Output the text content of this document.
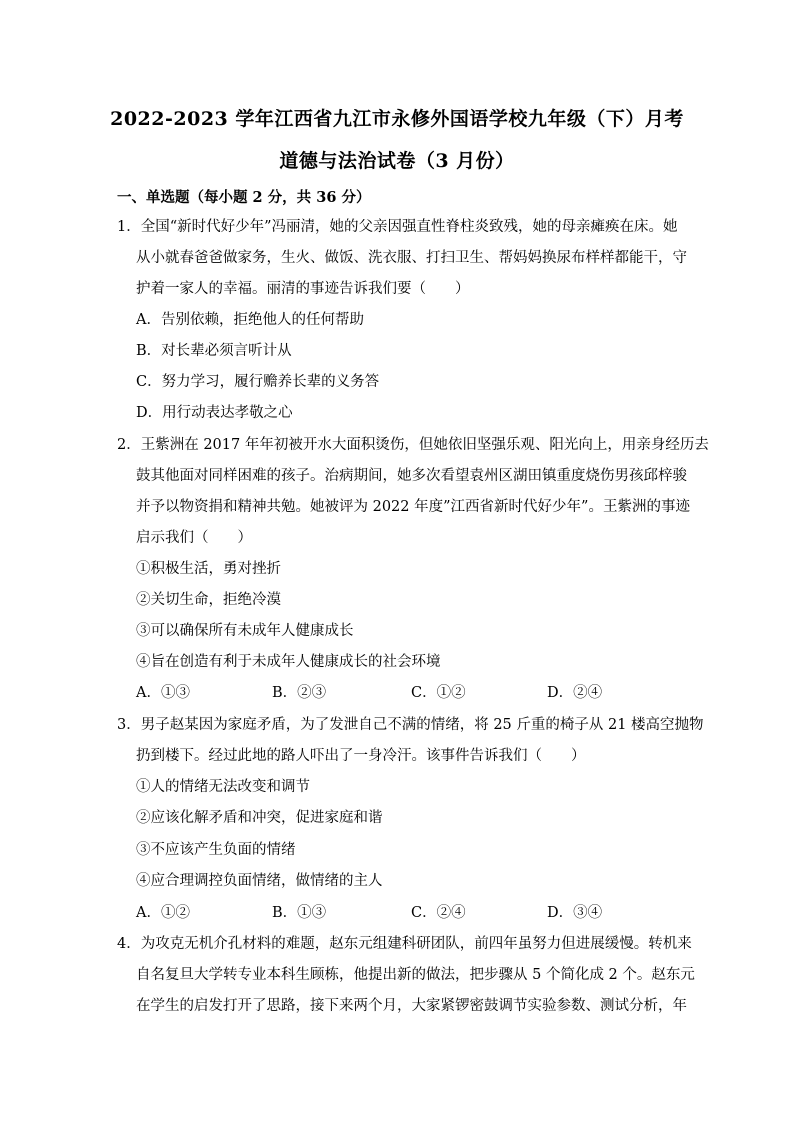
2022-2023 学年江西省九江市永修外国语学校九年级（下）月考
道德与法治试卷（3 月份）
一、单选题（每小题 2 分，共 36 分）
1．全国“新时代好少年”冯丽清，她的父亲因强直性脊柱炎致残，她的母亲瘫痪在床。她
从小就春爸爸做家务，生火、做饭、洗衣服、打扫卫生、帮妈妈换尿布样样都能干，守
护着一家人的幸福。丽清的事迹告诉我们要（　　）
A．告别依赖，拒绝他人的任何帮助
B．对长辈必须言听计从
C．努力学习，履行赡养长辈的义务答
D．用行动表达孝敬之心
2．王紫洲在 2017 年年初被开水大面积烫伤，但她依旧坚强乐观、阳光向上，用亲身经历去
鼓其他面对同样困难的孩子。治病期间，她多次看望袁州区湖田镇重度烧伤男孩邱梓骏
并予以物资捐和精神共勉。她被评为 2022 年度”江西省新时代好少年”。王紫洲的事迹
启示我们（　　）
①积极生活，勇对挫折
②关切生命，拒绝冷漠
③可以确保所有未成年人健康成长
④旨在创造有利于未成年人健康成长的社会环境
A．①③	B．②③	C．①②	D．②④
3．男子赵某因为家庭矛盾，为了发泄自己不满的情绪，将 25 斤重的椅子从 21 楼高空抛物
扔到楼下。经过此地的路人吓出了一身冷汗。该事件告诉我们（　　）
①人的情绪无法改变和调节
②应该化解矛盾和冲突，促进家庭和谐
③不应该产生负面的情绪
④应合理调控负面情绪，做情绪的主人
A．①②	B．①③	C．②④	D．③④
4．为攻克无机介孔材料的难题，赵东元组建科研团队，前四年虽努力但进展缓慢。转机来
自名复旦大学转专业本科生顾栋，他提出新的做法，把步骤从 5 个简化成 2 个。赵东元
在学生的启发打开了思路，接下来两个月，大家紧锣密鼓调节实验参数、测试分析，年
